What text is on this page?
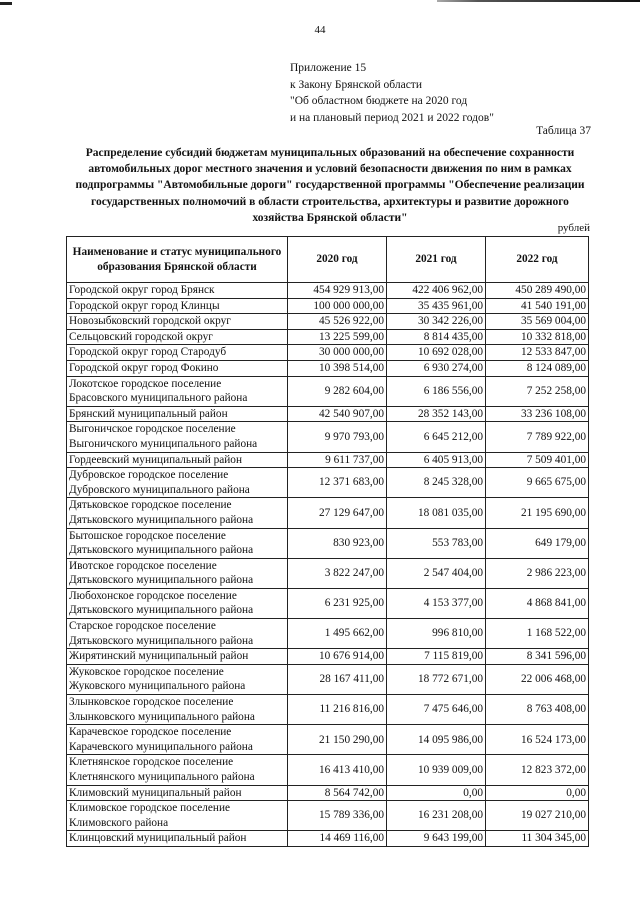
44
Приложение 15
к Закону Брянской области
"Об областном бюджете на 2020 год
и на плановый период 2021 и 2022 годов"
Таблица 37
Распределение субсидий бюджетам муниципальных образований на обеспечение сохранности
автомобильных дорог местного значения и условий безопасности движения по ним в рамках
подпрограммы "Автомобильные дороги" государственной программы "Обеспечение реализации
государственных полномочий в области строительства, архитектуры и развитие дорожного
хозяйства Брянской области"
рублей
Наименование и статус муниципального образования Брянской области	2020 год	2021 год	2022 год

Городской округ город Брянск	454 929 913,00	422 406 962,00	450 289 490,00

Городской округ город Клинцы	100 000 000,00	35 435 961,00	41 540 191,00

Новозыбковский городской округ	45 526 922,00	30 342 226,00	35 569 004,00

Сельцовский городской округ	13 225 599,00	8 814 435,00	10 332 818,00

Городской округ город Стародуб	30 000 000,00	10 692 028,00	12 533 847,00

Городской округ город Фокино	10 398 514,00	6 930 274,00	8 124 089,00

Локотское городское поселение
Брасовского муниципального района	9 282 604,00	6 186 556,00	7 252 258,00

Брянский муниципальный район	42 540 907,00	28 352 143,00	33 236 108,00

Выгоничское городское поселение
Выгоничского муниципального района	9 970 793,00	6 645 212,00	7 789 922,00

Гордеевский муниципальный район	9 611 737,00	6 405 913,00	7 509 401,00

Дубровское городское поселение
Дубровского муниципального района	12 371 683,00	8 245 328,00	9 665 675,00

Дятьковское городское поселение
Дятьковского муниципального района	27 129 647,00	18 081 035,00	21 195 690,00

Бытошское городское поселение
Дятьковского муниципального района	830 923,00	553 783,00	649 179,00

Ивотское городское поселение
Дятьковского муниципального района	3 822 247,00	2 547 404,00	2 986 223,00

Любохонское городское поселение
Дятьковского муниципального района	6 231 925,00	4 153 377,00	4 868 841,00

Старское городское поселение
Дятьковского муниципального района	1 495 662,00	996 810,00	1 168 522,00

Жирятинский муниципальный район	10 676 914,00	7 115 819,00	8 341 596,00

Жуковское городское поселение
Жуковского муниципального района	28 167 411,00	18 772 671,00	22 006 468,00

Злынковское городское поселение
Злынковского муниципального района	11 216 816,00	7 475 646,00	8 763 408,00

Карачевское городское поселение
Карачевского муниципального района	21 150 290,00	14 095 986,00	16 524 173,00

Клетнянское городское поселение
Клетнянского муниципального района	16 413 410,00	10 939 009,00	12 823 372,00

Климовский муниципальный район	8 564 742,00	0,00	0,00

Климовское городское поселение
Климовского района	15 789 336,00	16 231 208,00	19 027 210,00

Клинцовский муниципальный район	14 469 116,00	9 643 199,00	11 304 345,00
